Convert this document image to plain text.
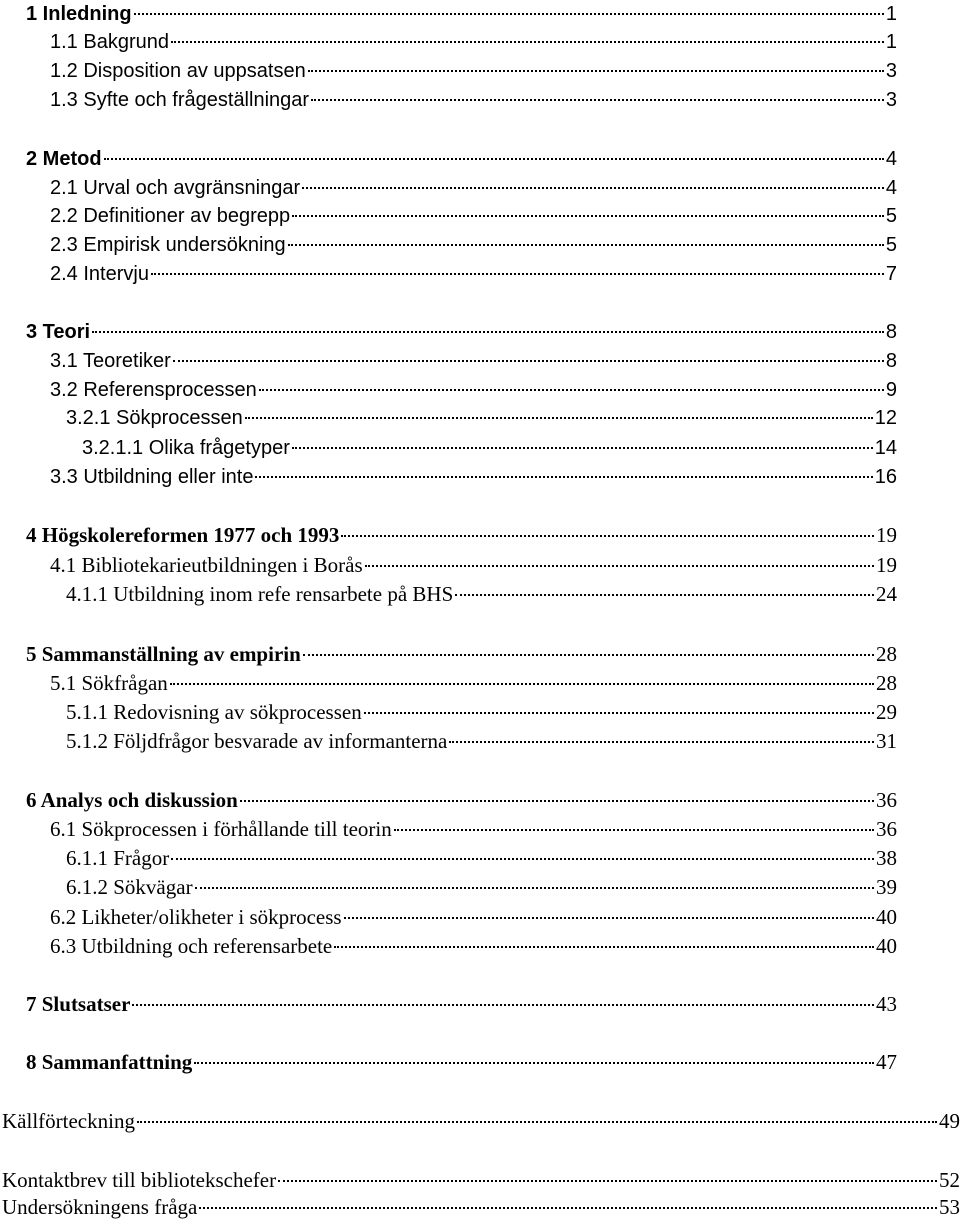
1 Inledning	1
1.1 Bakgrund	1
1.2 Disposition av uppsatsen	3
1.3 Syfte och frågeställningar	3
2 Metod	4
2.1 Urval och avgränsningar	4
2.2 Definitioner av begrepp	5
2.3 Empirisk undersökning	5
2.4 Intervju	7
3 Teori	8
3.1 Teoretiker	8
3.2 Referensprocessen	9
3.2.1 Sökprocessen	12
3.2.1.1 Olika frågetyper	14
3.3 Utbildning eller inte	16
4 Högskolereformen 1977 och 1993	19
4.1 Bibliotekarieutbildningen i Borås	19
4.1.1 Utbildning inom refe rensarbete på BHS	24
5 Sammanställning av empirin	28
5.1 Sökfrågan	28
5.1.1 Redovisning av sökprocessen	29
5.1.2 Följdfrågor besvarade av informanterna	31
6 Analys och diskussion	36
6.1 Sökprocessen i förhållande till teorin	36
6.1.1 Frågor	38
6.1.2 Sökvägar	39
6.2 Likheter/olikheter i sökprocess	40
6.3 Utbildning och referensarbete	40
7 Slutsatser	43
8 Sammanfattning	47
Källförteckning	49
Kontaktbrev till bibliotekschefer	52
Undersökningens fråga	53
